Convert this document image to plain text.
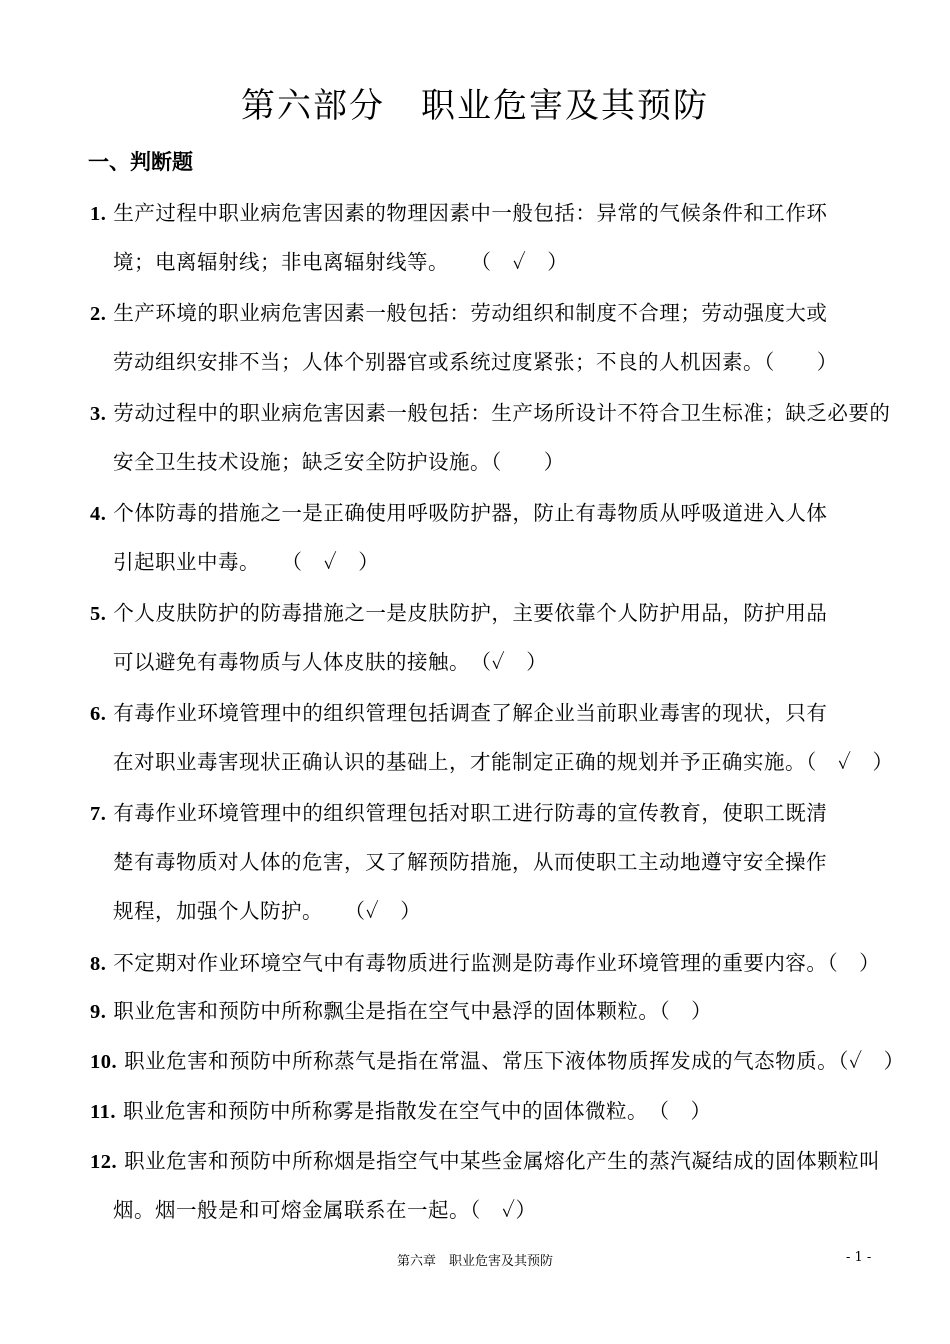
第六部分　职业危害及其预防
一、判断题
1. 生产过程中职业病危害因素的物理因素中一般包括：异常的气候条件和工作环
境；电离辐射线；非电离辐射线等。　　（　✓　）
2. 生产环境的职业病危害因素一般包括：劳动组织和制度不合理；劳动强度大或
劳动组织安排不当；人体个别器官或系统过度紧张；不良的人机因素。（　　）
3. 劳动过程中的职业病危害因素一般包括：生产场所设计不符合卫生标准；缺乏必要的
安全卫生技术设施；缺乏安全防护设施。（　　）
4. 个体防毒的措施之一是正确使用呼吸防护器，防止有毒物质从呼吸道进入人体
引起职业中毒。　　（　✓　）
5. 个人皮肤防护的防毒措施之一是皮肤防护，主要依靠个人防护用品，防护用品
可以避免有毒物质与人体皮肤的接触。　（✓　）
6. 有毒作业环境管理中的组织管理包括调查了解企业当前职业毒害的现状，只有
在对职业毒害现状正确认识的基础上，才能制定正确的规划并予正确实施。（　✓　）
7. 有毒作业环境管理中的组织管理包括对职工进行防毒的宣传教育，使职工既清
楚有毒物质对人体的危害，又了解预防措施，从而使职工主动地遵守安全操作
规程，加强个人防护。　　（✓　）
8. 不定期对作业环境空气中有毒物质进行监测是防毒作业环境管理的重要内容。（　）
9. 职业危害和预防中所称飘尘是指在空气中悬浮的固体颗粒。（　）
10. 职业危害和预防中所称蒸气是指在常温、常压下液体物质挥发成的气态物质。（✓　）
11. 职业危害和预防中所称雾是指散发在空气中的固体微粒。　（　）
12. 职业危害和预防中所称烟是指空气中某些金属熔化产生的蒸汽凝结成的固体颗粒叫
烟。烟一般是和可熔金属联系在一起。（　✓）
第六章　职业危害及其预防	- 1 -
